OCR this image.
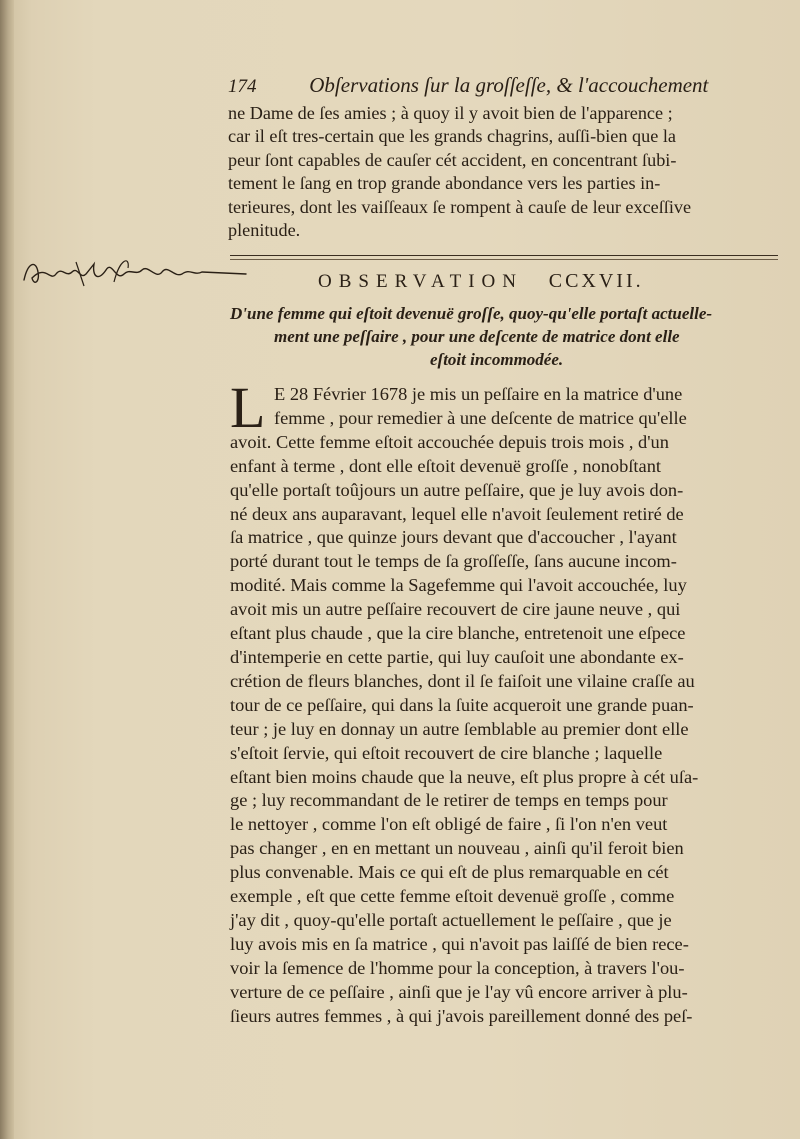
174	Obſervations ſur la groſſeſſe, & l'accouchement
ne Dame de ſes amies ; à quoy il y avoit bien de l'apparence ;
car il eſt tres-certain que les grands chagrins, auſſi-bien que la
peur ſont capables de cauſer cét accident, en concentrant ſubi-
tement le ſang en trop grande abondance vers les parties in-
terieures, dont les vaiſſeaux ſe rompent à cauſe de leur exceſſive
plenitude.
OBSERVATION CCXVII.
D'une femme qui eſtoit devenuë groſſe, quoy-qu'elle portaſt actuelle-
ment une peſſaire , pour une deſcente de matrice dont elle
eſtoit incommodée.
L E 28 Février 1678 je mis un peſſaire en la matrice d'une
femme , pour remedier à une deſcente de matrice qu'elle
avoit. Cette femme eſtoit accouchée depuis trois mois , d'un
enfant à terme , dont elle eſtoit devenuë groſſe , nonobſtant
qu'elle portaſt toûjours un autre peſſaire, que je luy avois don-
né deux ans auparavant, lequel elle n'avoit ſeulement retiré de
ſa matrice , que quinze jours devant que d'accoucher , l'ayant
porté durant tout le temps de ſa groſſeſſe, ſans aucune incom-
modité. Mais comme la Sagefemme qui l'avoit accouchée, luy
avoit mis un autre peſſaire recouvert de cire jaune neuve , qui
eſtant plus chaude , que la cire blanche, entretenoit une eſpece
d'intemperie en cette partie, qui luy cauſoit une abondante ex-
crétion de fleurs blanches, dont il ſe faiſoit une vilaine craſſe au
tour de ce peſſaire, qui dans la ſuite acqueroit une grande puan-
teur ; je luy en donnay un autre ſemblable au premier dont elle
s'eſtoit ſervie, qui eſtoit recouvert de cire blanche ; laquelle
eſtant bien moins chaude que la neuve, eſt plus propre à cét uſa-
ge ; luy recommandant de le retirer de temps en temps pour
le nettoyer , comme l'on eſt obligé de faire , ſi l'on n'en veut
pas changer , en en mettant un nouveau , ainſi qu'il feroit bien
plus convenable. Mais ce qui eſt de plus remarquable en cét
exemple , eſt que cette femme eſtoit devenuë groſſe , comme
j'ay dit , quoy-qu'elle portaſt actuellement le peſſaire , que je
luy avois mis en ſa matrice , qui n'avoit pas laiſſé de bien rece-
voir la ſemence de l'homme pour la conception, à travers l'ou-
verture de ce peſſaire , ainſi que je l'ay vû encore arriver à plu-
ſieurs autres femmes , à qui j'avois pareillement donné des peſ-
